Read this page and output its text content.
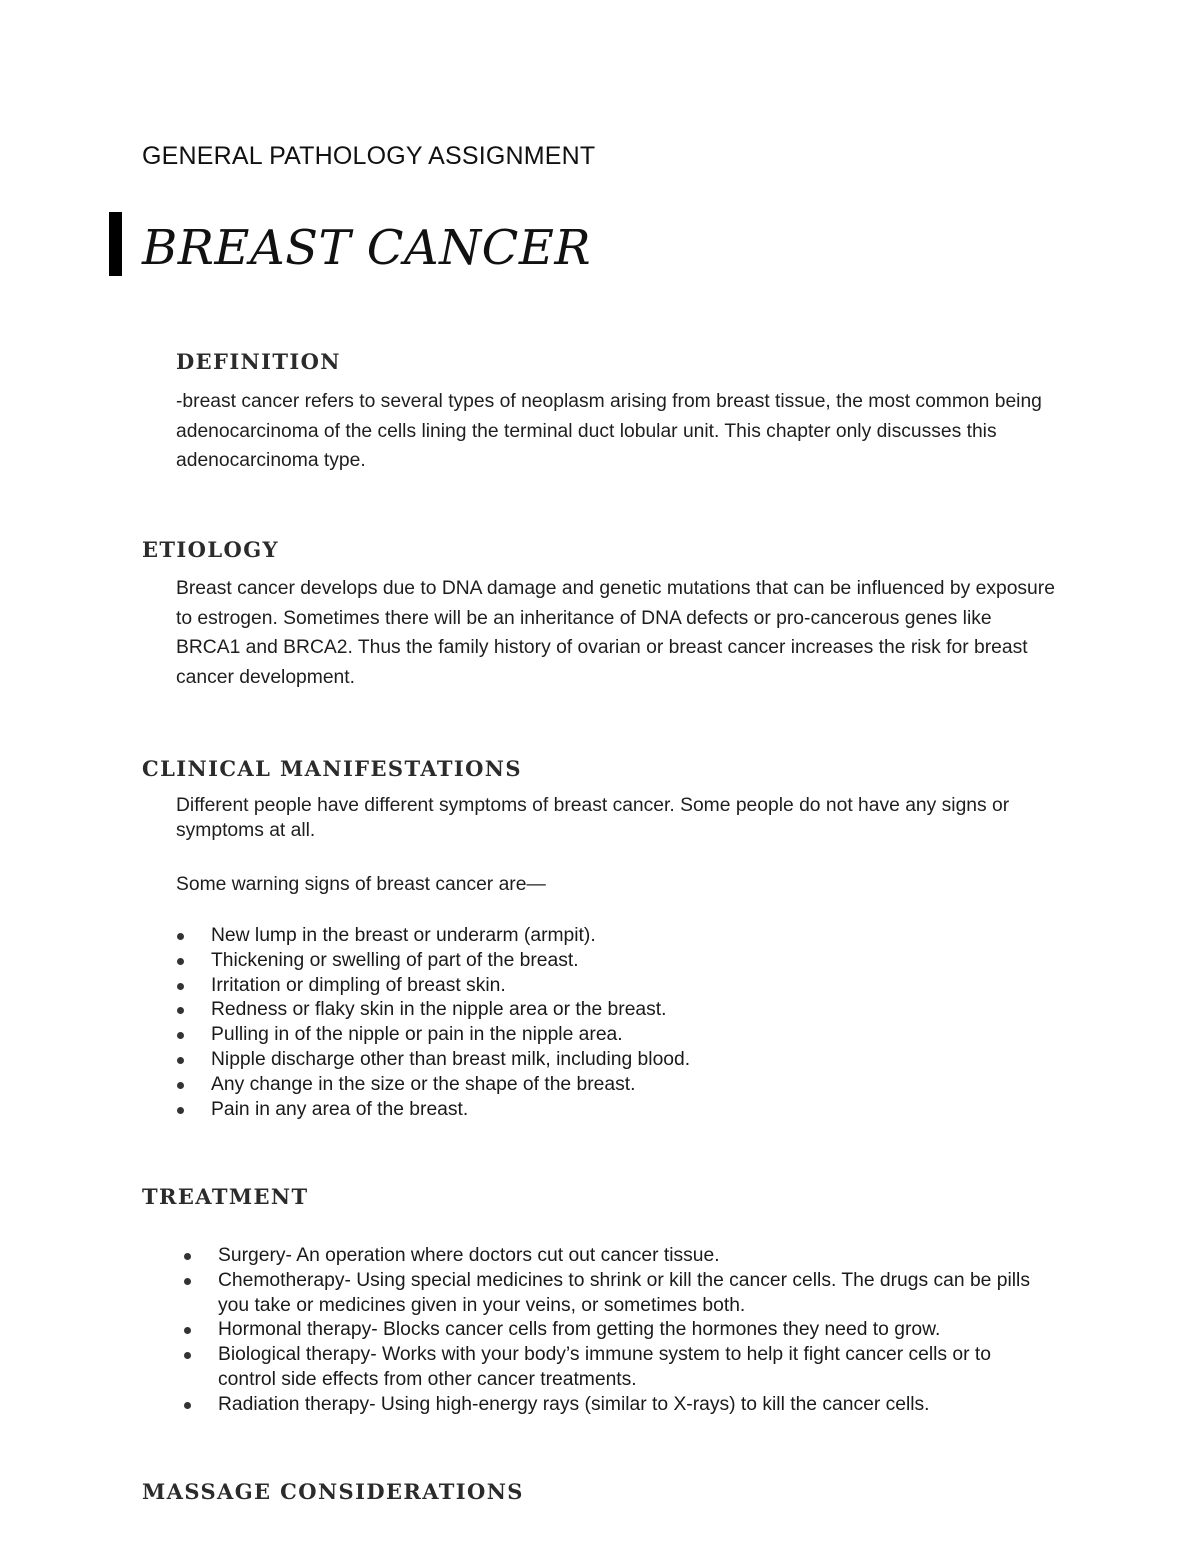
GENERAL PATHOLOGY ASSIGNMENT
BREAST CANCER
DEFINITION
-breast cancer refers to several types of neoplasm arising from breast tissue, the most common being adenocarcinoma of the cells lining the terminal duct lobular unit. This chapter only discusses this adenocarcinoma type.
ETIOLOGY
Breast cancer develops due to DNA damage and genetic mutations that can be influenced by exposure to estrogen. Sometimes there will be an inheritance of DNA defects or pro-cancerous genes like BRCA1 and BRCA2. Thus the family history of ovarian or breast cancer increases the risk for breast cancer development.
CLINICAL MANIFESTATIONS
Different people have different symptoms of breast cancer. Some people do not have any signs or symptoms at all.
Some warning signs of breast cancer are—
New lump in the breast or underarm (armpit).
Thickening or swelling of part of the breast.
Irritation or dimpling of breast skin.
Redness or flaky skin in the nipple area or the breast.
Pulling in of the nipple or pain in the nipple area.
Nipple discharge other than breast milk, including blood.
Any change in the size or the shape of the breast.
Pain in any area of the breast.
TREATMENT
Surgery- An operation where doctors cut out cancer tissue.
Chemotherapy- Using special medicines to shrink or kill the cancer cells. The drugs can be pills you take or medicines given in your veins, or sometimes both.
Hormonal therapy- Blocks cancer cells from getting the hormones they need to grow.
Biological therapy- Works with your body’s immune system to help it fight cancer cells or to control side effects from other cancer treatments.
Radiation therapy- Using high-energy rays (similar to X-rays) to kill the cancer cells.
MASSAGE CONSIDERATIONS
